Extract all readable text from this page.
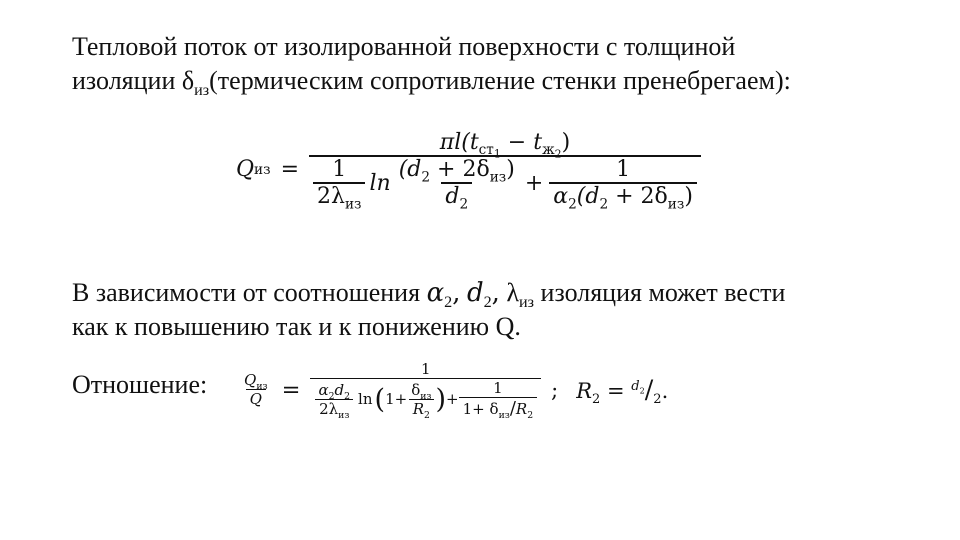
Тепловой поток от изолированной поверхности с толщиной
изоляции $\delta_{из}(термическим$ сопротивление стенки пренебрегаем):

Q из =
$\pi l(t_{ст_1} - t_{ж_2})$
$\frac{1}{2\lambda_{из}}$ $\ln \frac{(d_2 + 2\delta_{из})}{d_2} + \frac{1}{\alpha_2(d_2 + 2\delta_{из})}$

В зависимости от соотношения $\alpha_2$, $d_2$, $\lambda_{из}$ изоляция может вести
как к повышению так и к понижению Q.

Отношение: $\frac{Q_{из}}{Q} = \frac{1}{\frac{\alpha_2d_2}{2\lambda_{из}} \ln ( 1+ \frac{\delta_{из}}{R_2} ) + \frac{1}{1+ \delta_{из}/R_2}}$ ; $R_2 = ^{d_2}/_2$.
